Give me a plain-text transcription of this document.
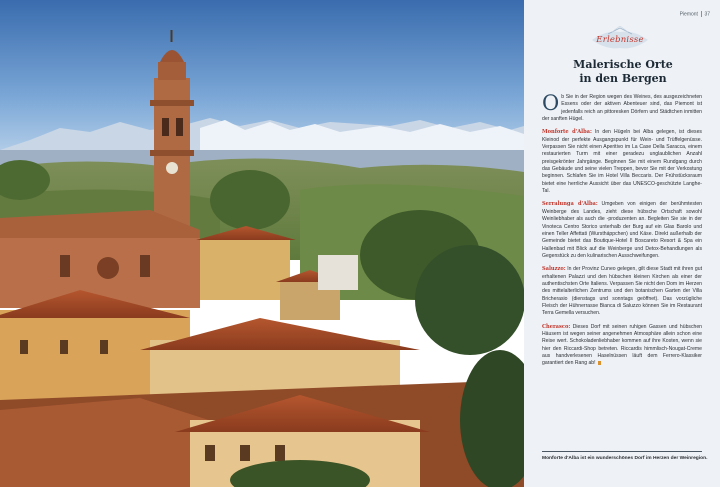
Piemont 37
Erlebnisse
Malerische Orte
in den Bergen

Ob Sie in der Region wegen des Weines, des ausgezeichneten Essens oder der aktiven Abenteuer sind, das Piemont ist jedenfalls reich an pittoresken Dörfern und Städtchen inmitten der sanften Hügel.

Monforte d'Alba: In den Hügeln bei Alba gelegen, ist dieses Kleinod der perfekte Ausgangspunkt für Wein- und Trüffelgenüsse. Verpassen Sie nicht einen Aperitivo im La Case Della Saracca, einem restaurierten Turm mit einer geradezu unglaublichen Anzahl preisgekrönter Jahrgänge. Beginnen Sie mit einem Rundgang durch das Gebäude und seine vielen Treppen, bevor Sie mit der Verkostung beginnen. Schlafen Sie im Hotel Villa Beccaris. Der Frühstücksraum bietet eine herrliche Aussicht über das UNESCO-geschützte Langhe-Tal.

Serralunga d'Alba: Umgeben von einigen der berühmtesten Weinberge des Landes, zieht diese hübsche Ortschaft sowohl Weinliebhaber als auch die -produzenten an. Begleiten Sie sie in der Vinoteca Centro Storico unterhalb der Burg auf ein Glas Barolo und einen Teller Affettati (Wurstháppchen) und Käse. Direkt außerhalb der Gemeinde bietet das Boutique-Hotel Il Boscareto Resort & Spa ein Hallenbad mit Blick auf die Weinberge und Detox-Behandlungen als Gegenstück zu den kulinarischen Ausschweifungen.

Saluzzo: In der Provinz Cuneo gelegen, gilt diese Stadt mit ihren gut erhaltenen Palazzi und den hübschen kleinen Kirchen als einer der authentischsten Orte Italiens. Verpassen Sie nicht den Dom im Herzen des mittelalterlichen Zentrums und den botanischen Garten der Villa Bricherasio (dienstags und sonntags geöffnet). Das vorzügliche Fleisch der Hühnerrasse Bianca di Saluzzo können Sie im Restaurant Terra Gemella versuchen.

Cherasco: Dieses Dorf mit seinen ruhigen Gassen und hübschen Häusern ist wegen seiner angenehmen Atmosphäre allein schon eine Reise wert. Schokoladenliebhaber kommen auf ihre Kosten, wenn sie hier den Riccardi-Shop betreten. Riccardis himmlisch-Nougat-Creme aus handverlesenen Haselnüssen läuft dem Ferrero-Klassiker garantiert den Rang ab!

Monforte d'Alba ist ein wunderschönes Dorf im Herzen der Weinregion.
